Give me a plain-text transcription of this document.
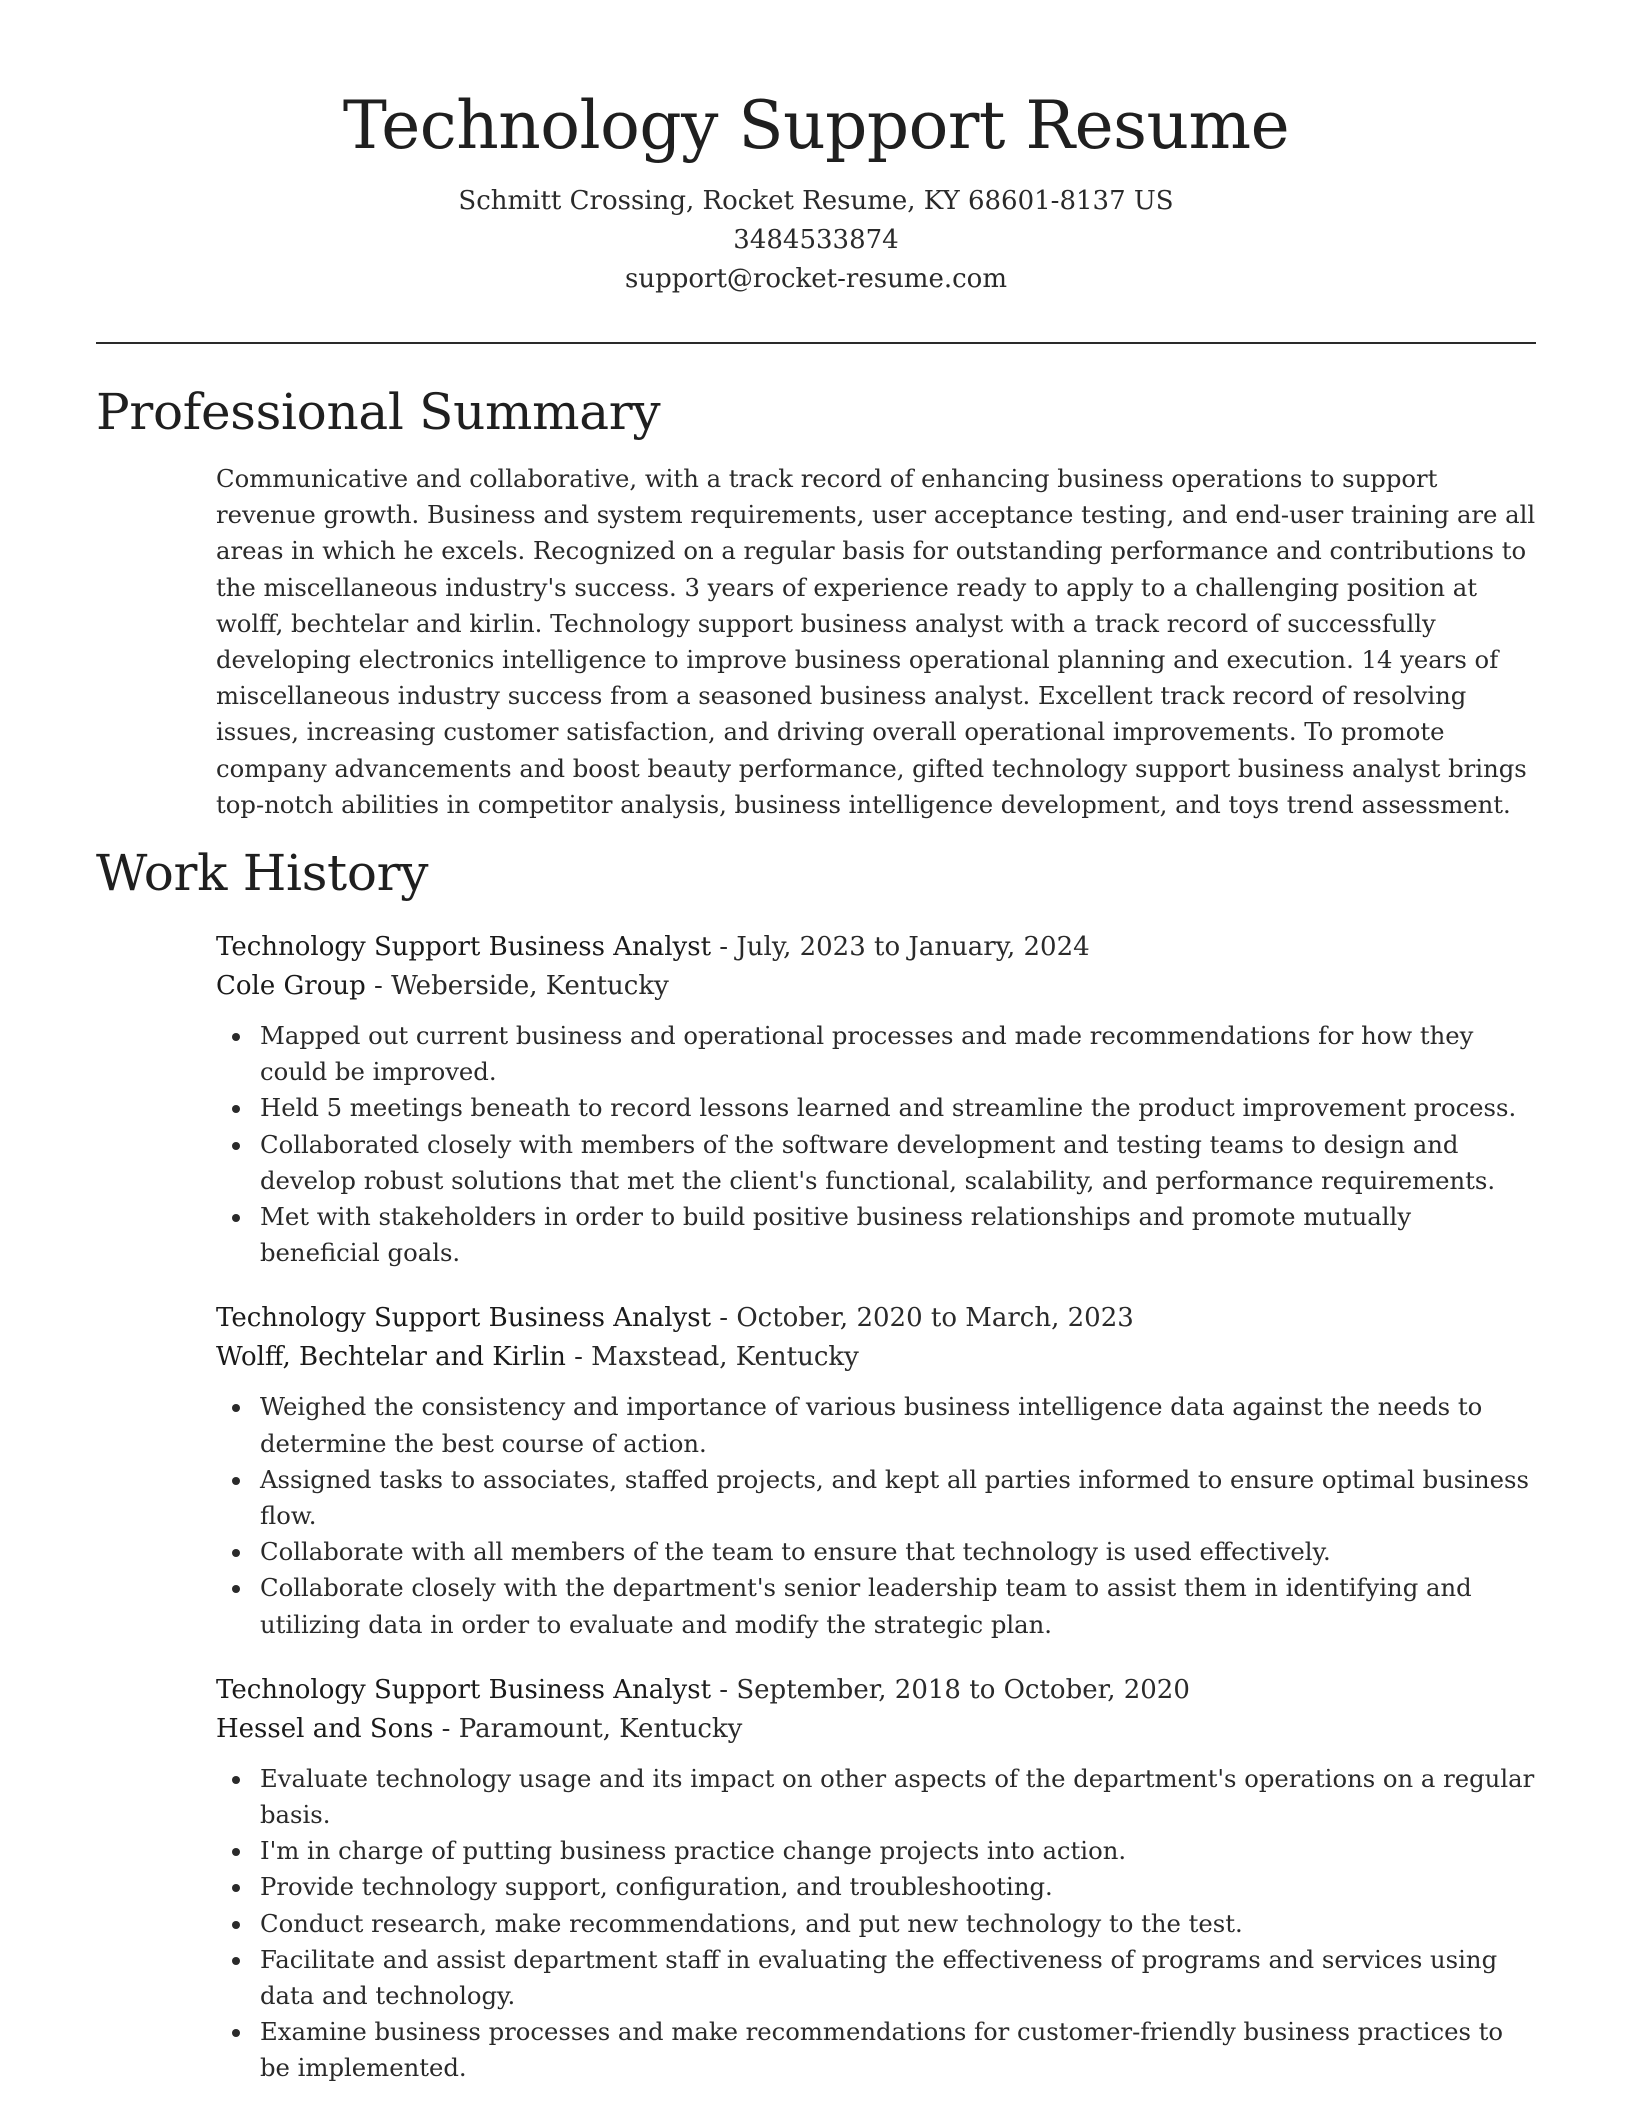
Technology Support Resume
Schmitt Crossing, Rocket Resume, KY 68601-8137 US
3484533874
support@rocket-resume.com
Professional Summary

Communicative and collaborative, with a track record of enhancing business operations to support revenue growth. Business and system requirements, user acceptance testing, and end-user training are all areas in which he excels. Recognized on a regular basis for outstanding performance and contributions to the miscellaneous industry's success. 3 years of experience ready to apply to a challenging position at wolff, bechtelar and kirlin. Technology support business analyst with a track record of successfully developing electronics intelligence to improve business operational planning and execution. 14 years of miscellaneous industry success from a seasoned business analyst. Excellent track record of resolving issues, increasing customer satisfaction, and driving overall operational improvements. To promote company advancements and boost beauty performance, gifted technology support business analyst brings top-notch abilities in competitor analysis, business intelligence development, and toys trend assessment.

Work History
Technology Support Business Analyst - July, 2023 to January, 2024
Cole Group - Weberside, Kentucky
Mapped out current business and operational processes and made recommendations for how they could be improved.
Held 5 meetings beneath to record lessons learned and streamline the product improvement process.
Collaborated closely with members of the software development and testing teams to design and develop robust solutions that met the client's functional, scalability, and performance requirements.
Met with stakeholders in order to build positive business relationships and promote mutually beneficial goals.
Technology Support Business Analyst - October, 2020 to March, 2023
Wolff, Bechtelar and Kirlin - Maxstead, Kentucky
Weighed the consistency and importance of various business intelligence data against the needs to determine the best course of action.
Assigned tasks to associates, staffed projects, and kept all parties informed to ensure optimal business flow.
Collaborate with all members of the team to ensure that technology is used effectively.
Collaborate closely with the department's senior leadership team to assist them in identifying and utilizing data in order to evaluate and modify the strategic plan.
Technology Support Business Analyst - September, 2018 to October, 2020
Hessel and Sons - Paramount, Kentucky
Evaluate technology usage and its impact on other aspects of the department's operations on a regular basis.
I'm in charge of putting business practice change projects into action.
Provide technology support, configuration, and troubleshooting.
Conduct research, make recommendations, and put new technology to the test.
Facilitate and assist department staff in evaluating the effectiveness of programs and services using data and technology.
Examine business processes and make recommendations for customer-friendly business practices to be implemented.
